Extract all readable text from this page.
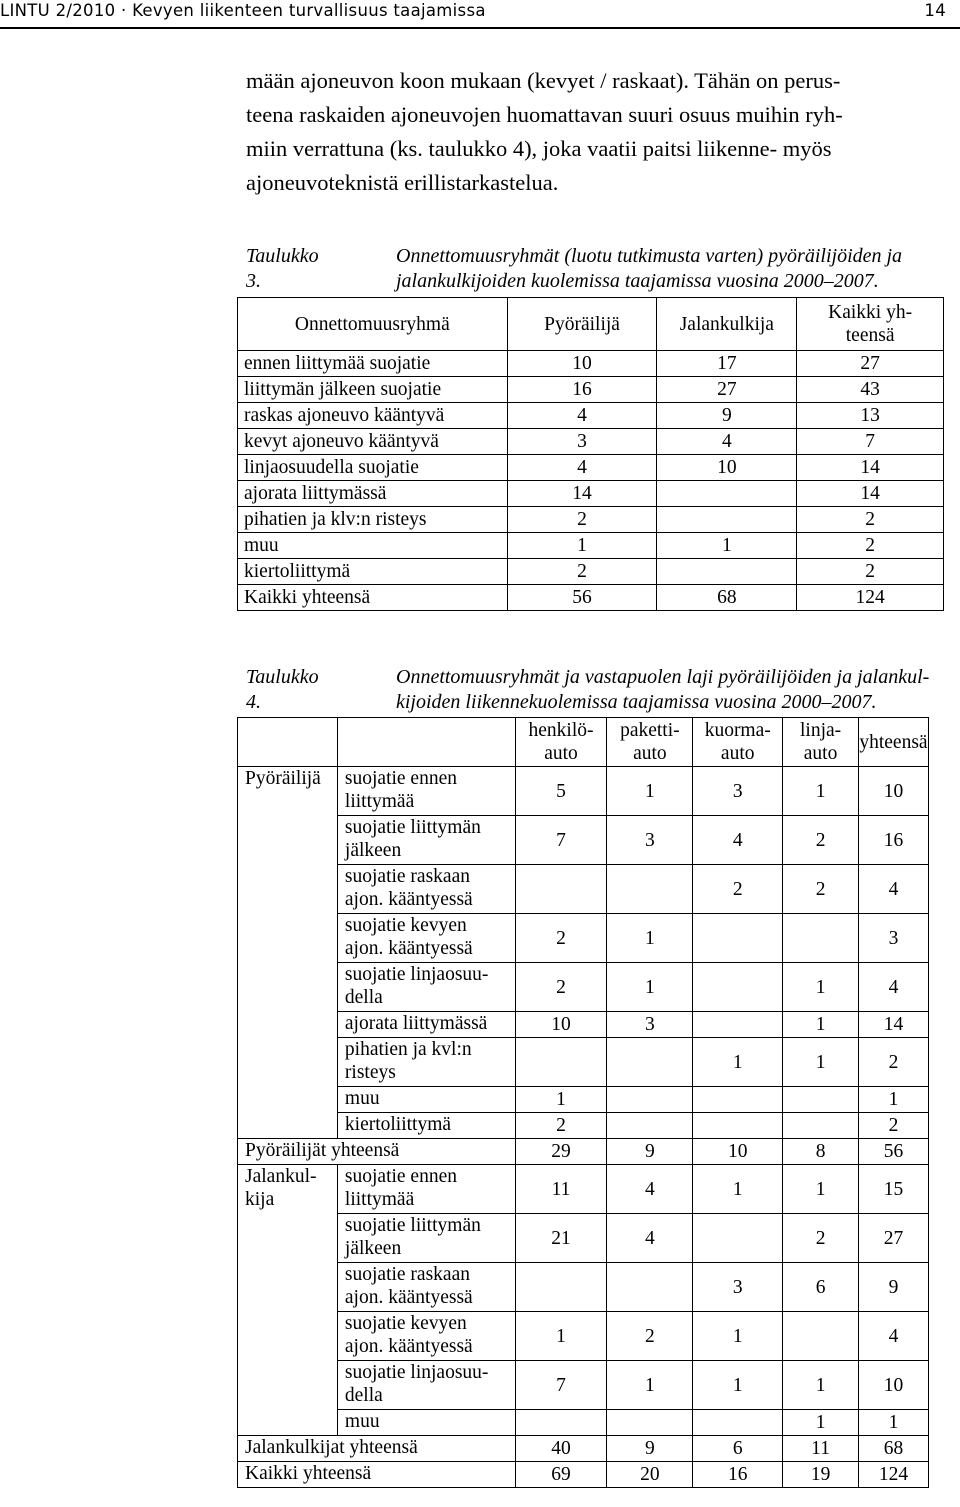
LINTU 2/2010 · Kevyen liikenteen turvallisuus taajamissa	14
mään ajoneuvon koon mukaan (kevyet / raskaat). Tähän on perus-
teena raskaiden ajoneuvojen huomattavan suuri osuus muihin ryh-
miin verrattuna (ks. taulukko 4), joka vaatii paitsi liikenne- myös
ajoneuvoteknistä erillistarkastelua.
Taulukko 3.
Onnettomuusryhmät (luotu tutkimusta varten) pyöräilijöiden ja
jalankulkijoiden kuolemissa taajamissa vuosina 2000–2007.
Onnettomuusryhmä	Pyöräilijä	Jalankulkija	Kaikki yh-
teensä
ennen liittymää suojatie	10	17	27
liittymän jälkeen suojatie	16	27	43
raskas ajoneuvo kääntyvä	4	9	13
kevyt ajoneuvo kääntyvä	3	4	7
linjaosuudella suojatie	4	10	14
ajorata liittymässä	14		14
pihatien ja klv:n risteys	2		2
muu	1	1	2
kiertoliittymä	2		2
Kaikki yhteensä	56	68	124
Taulukko 4.
Onnettomuusryhmät ja vastapuolen laji pyöräilijöiden ja jalankul-
kijoiden liikennekuolemissa taajamissa vuosina 2000–2007.
		henkilö-
auto	paketti-
auto	kuorma-
auto	linja-
auto	yhteensä
Pyöräilijä	suojatie ennen
liittymää	5	1	3	1	10
	suojatie liittymän
jälkeen	7	3	4	2	16
	suojatie raskaan
ajon. kääntyessä			2	2	4
	suojatie kevyen
ajon. kääntyessä	2	1			3
	suojatie linjaosuu-
della	2	1		1	4
	ajorata liittymässä	10	3		1	14
	pihatien ja kvl:n
risteys			1	1	2
	muu	1				1
	kiertoliittymä	2				2
Pyöräilijät yhteensä		29	9	10	8	56
Jalankul-
kija	suojatie ennen
liittymää	11	4	1	1	15
	suojatie liittymän
jälkeen	21	4		2	27
	suojatie raskaan
ajon. kääntyessä			3	6	9
	suojatie kevyen
ajon. kääntyessä	1	2	1		4
	suojatie linjaosuu-
della	7	1	1	1	10
	muu				1	1
Jalankulkijat yhteensä		40	9	6	11	68
Kaikki yhteensä		69	20	16	19	124
